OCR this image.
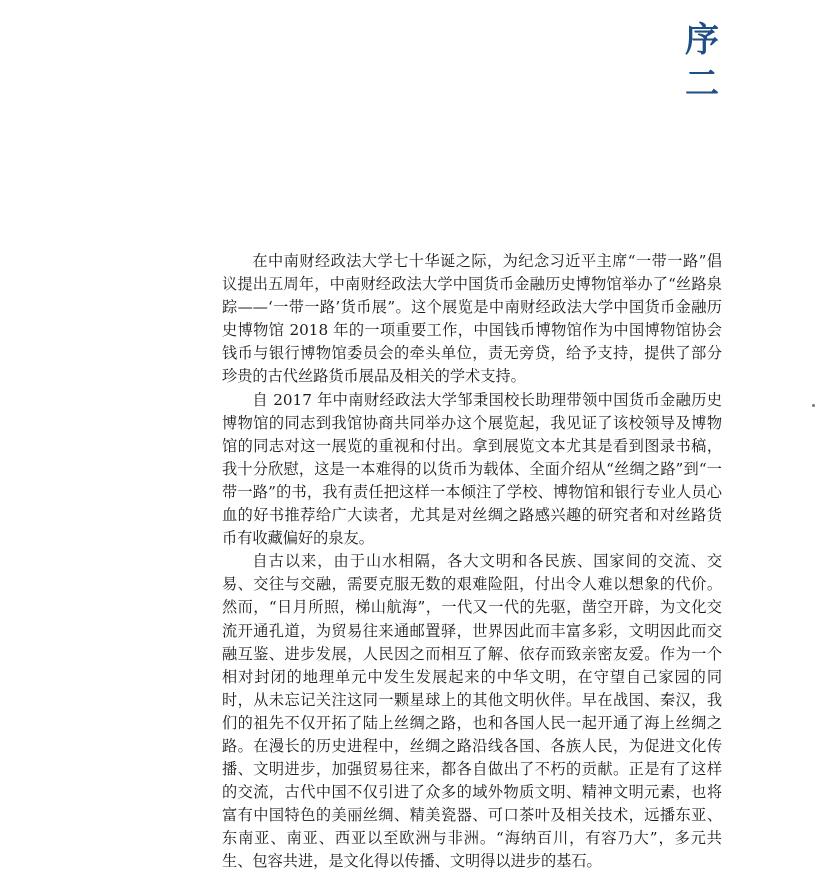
序
二

在中南财经政法大学七十华诞之际，为纪念习近平主席“一带一路”倡议提出五周年，中南财经政法大学中国货币金融历史博物馆举办了“丝路泉踪——‘一带一路’货币展”。这个展览是中南财经政法大学中国货币金融历史博物馆 2018 年的一项重要工作，中国钱币博物馆作为中国博物馆协会钱币与银行博物馆委员会的牵头单位，责无旁贷，给予支持，提供了部分珍贵的古代丝路货币展品及相关的学术支持。

自 2017 年中南财经政法大学邹秉国校长助理带领中国货币金融历史博物馆的同志到我馆协商共同举办这个展览起，我见证了该校领导及博物馆的同志对这一展览的重视和付出。拿到展览文本尤其是看到图录书稿，我十分欣慰，这是一本难得的以货币为载体、全面介绍从“丝绸之路”到“一带一路”的书，我有责任把这样一本倾注了学校、博物馆和银行专业人员心血的好书推荐给广大读者，尤其是对丝绸之路感兴趣的研究者和对丝路货币有收藏偏好的泉友。

自古以来，由于山水相隔，各大文明和各民族、国家间的交流、交易、交往与交融，需要克服无数的艰难险阻，付出令人难以想象的代价。然而，“日月所照，梯山航海”，一代又一代的先驱，凿空开辟，为文化交流开通孔道，为贸易往来通邮置驿，世界因此而丰富多彩，文明因此而交融互鉴、进步发展，人民因之而相互了解、依存而致亲密友爱。作为一个相对封闭的地理单元中发生发展起来的中华文明，在守望自己家园的同时，从未忘记关注这同一颗星球上的其他文明伙伴。早在战国、秦汉，我们的祖先不仅开拓了陆上丝绸之路，也和各国人民一起开通了海上丝绸之路。在漫长的历史进程中，丝绸之路沿线各国、各族人民，为促进文化传播、文明进步，加强贸易往来，都各自做出了不朽的贡献。正是有了这样的交流，古代中国不仅引进了众多的域外物质文明、精神文明元素，也将富有中国特色的美丽丝绸、精美瓷器、可口茶叶及相关技术，远播东亚、东南亚、南亚、西亚以至欧洲与非洲。“海纳百川，有容乃大”，多元共生、包容共进，是文化得以传播、文明得以进步的基石。
